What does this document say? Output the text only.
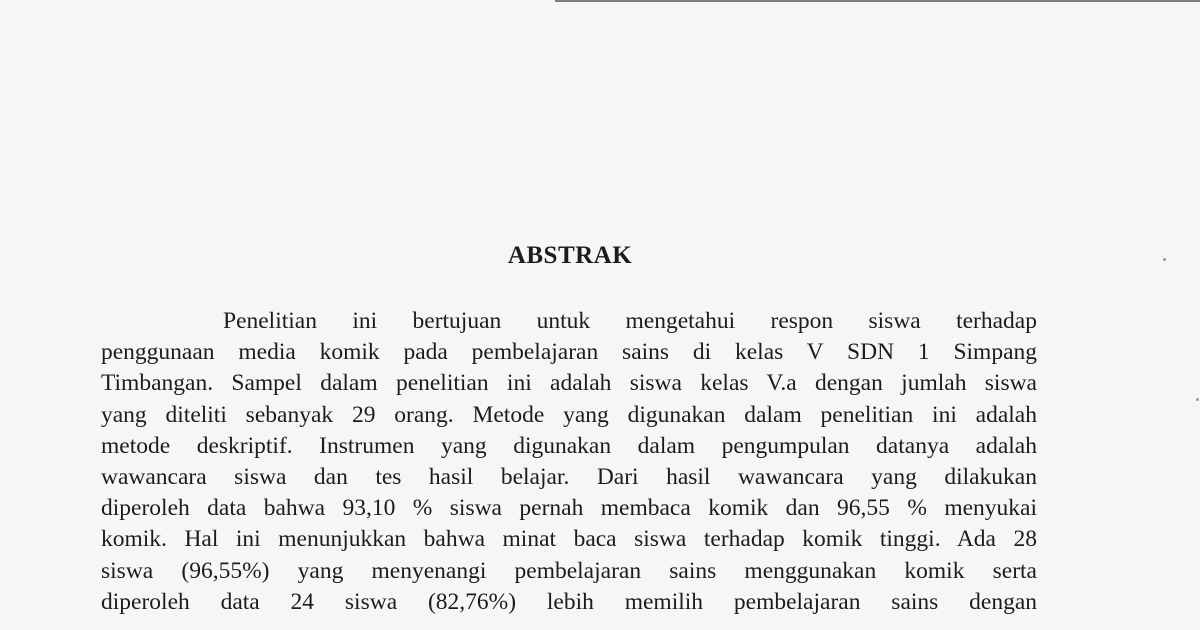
ABSTRAK
Penelitian ini bertujuan untuk mengetahui respon siswa terhadap
penggunaan media komik pada pembelajaran sains di kelas V SDN 1 Simpang
Timbangan. Sampel dalam penelitian ini adalah siswa kelas V.a dengan jumlah siswa
yang diteliti sebanyak 29 orang. Metode yang digunakan dalam penelitian ini adalah
metode deskriptif. Instrumen yang digunakan dalam pengumpulan datanya adalah
wawancara siswa dan tes hasil belajar. Dari hasil wawancara yang dilakukan
diperoleh data bahwa 93,10 % siswa pernah membaca komik dan 96,55 % menyukai
komik. Hal ini menunjukkan bahwa minat baca siswa terhadap komik tinggi. Ada 28
siswa (96,55%) yang menyenangi pembelajaran sains menggunakan komik serta
diperoleh data 24 siswa (82,76%) lebih memilih pembelajaran sains dengan
